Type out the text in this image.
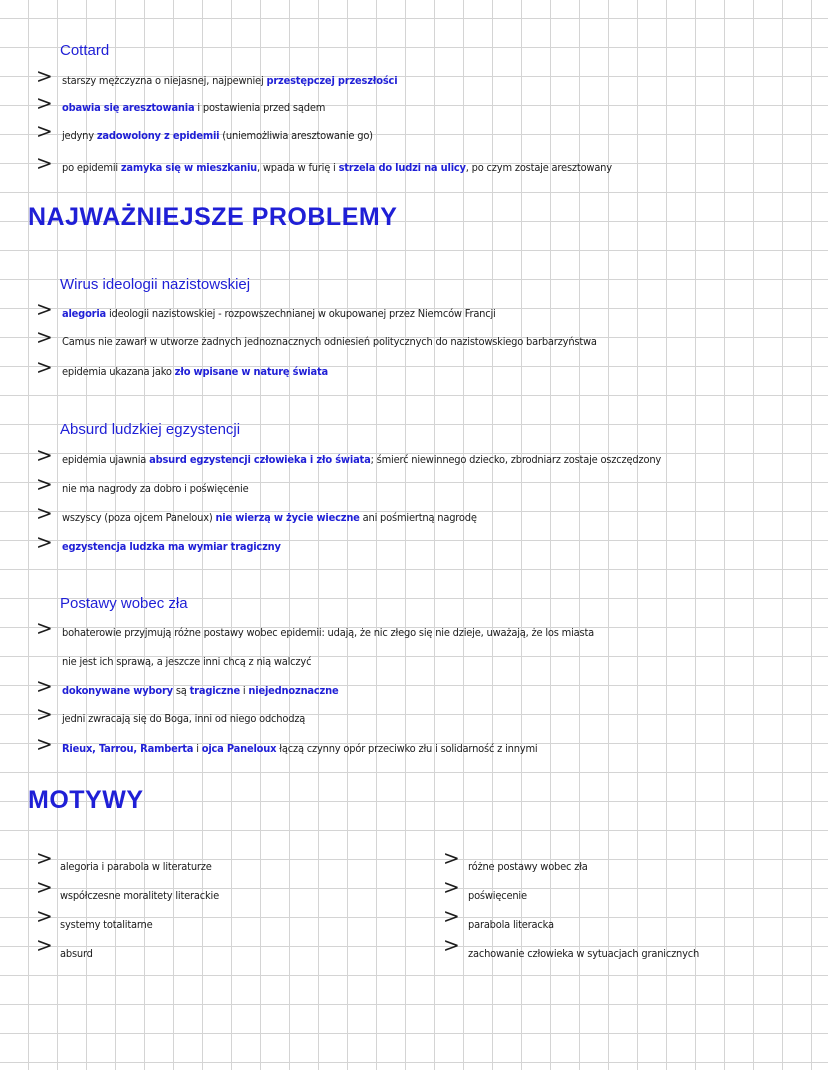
Cottard
> starszy mężczyzna o niejasnej, najpewniej przestępczej przeszłości
> obawia się aresztowania i postawienia przed sądem
> jedyny zadowolony z epidemii (uniemożliwia aresztowanie go)
> po epidemii zamyka się w mieszkaniu, wpada w furię i strzela do ludzi na ulicy, po czym zostaje aresztowany
NAJWAŻNIEJSZE PROBLEMY
Wirus ideologii nazistowskiej
> alegoria ideologii nazistowskiej - rozpowszechnianej w okupowanej przez Niemców Francji
> Camus nie zawarł w utworze żadnych jednoznacznych odniesień politycznych do nazistowskiego barbarzyństwa
> epidemia ukazana jako zło wpisane w naturę świata
Absurd ludzkiej egzystencji
> epidemia ujawnia absurd egzystencji człowieka i zło świata; śmierć niewinnego dziecko, zbrodniarz zostaje oszczędzony
> nie ma nagrody za dobro i poświęcenie
> wszyscy (poza ojcem Paneloux) nie wierzą w życie wieczne ani pośmiertną nagrodę
> egzystencja ludzka ma wymiar tragiczny
Postawy wobec zła
> bohaterowie przyjmują różne postawy wobec epidemii: udają, że nic złego się nie dzieje, uważają, że los miasta
nie jest ich sprawą, a jeszcze inni chcą z nią walczyć
> dokonywane wybory są tragiczne i niejednoznaczne
> jedni zwracają się do Boga, inni od niego odchodzą
> Rieux, Tarrou, Ramberta i ojca Paneloux łączą czynny opór przeciwko złu i solidarność z innymi
MOTYWY
> alegoria i parabola w literaturze
> współczesne moralitety literackie
> systemy totalitarne
> absurd
> różne postawy wobec zła
> poświęcenie
> parabola literacka
> zachowanie człowieka w sytuacjach granicznych
